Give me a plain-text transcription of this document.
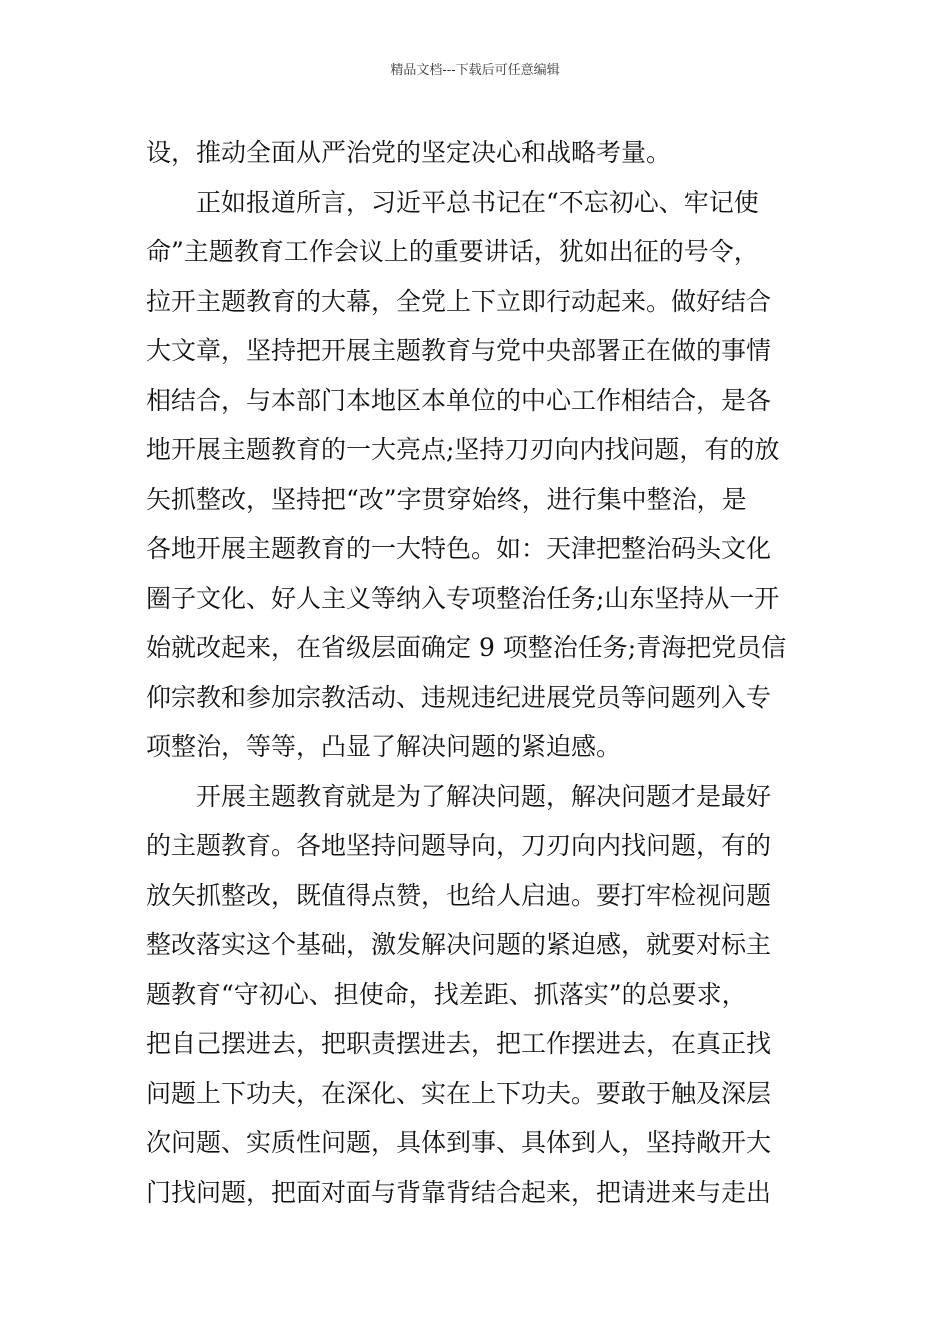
精品文档---下载后可任意编辑
设，推动全面从严治党的坚定决心和战略考量。
正如报道所言，习近平总书记在“不忘初心、牢记使
命”主题教育工作会议上的重要讲话，犹如出征的号令，
拉开主题教育的大幕，全党上下立即行动起来。做好结合
大文章，坚持把开展主题教育与党中央部署正在做的事情
相结合，与本部门本地区本单位的中心工作相结合，是各
地开展主题教育的一大亮点;坚持刀刃向内找问题，有的放
矢抓整改，坚持把“改”字贯穿始终，进行集中整治，是
各地开展主题教育的一大特色。如：天津把整治码头文化
圈子文化、好人主义等纳入专项整治任务;山东坚持从一开
始就改起来，在省级层面确定 9 项整治任务;青海把党员信
仰宗教和参加宗教活动、违规违纪进展党员等问题列入专
项整治，等等，凸显了解决问题的紧迫感。
开展主题教育就是为了解决问题，解决问题才是最好
的主题教育。各地坚持问题导向，刀刃向内找问题，有的
放矢抓整改，既值得点赞，也给人启迪。要打牢检视问题
整改落实这个基础，激发解决问题的紧迫感，就要对标主
题教育“守初心、担使命，找差距、抓落实”的总要求，
把自己摆进去，把职责摆进去，把工作摆进去，在真正找
问题上下功夫，在深化、实在上下功夫。要敢于触及深层
次问题、实质性问题，具体到事、具体到人，坚持敞开大
门找问题，把面对面与背靠背结合起来，把请进来与走出
